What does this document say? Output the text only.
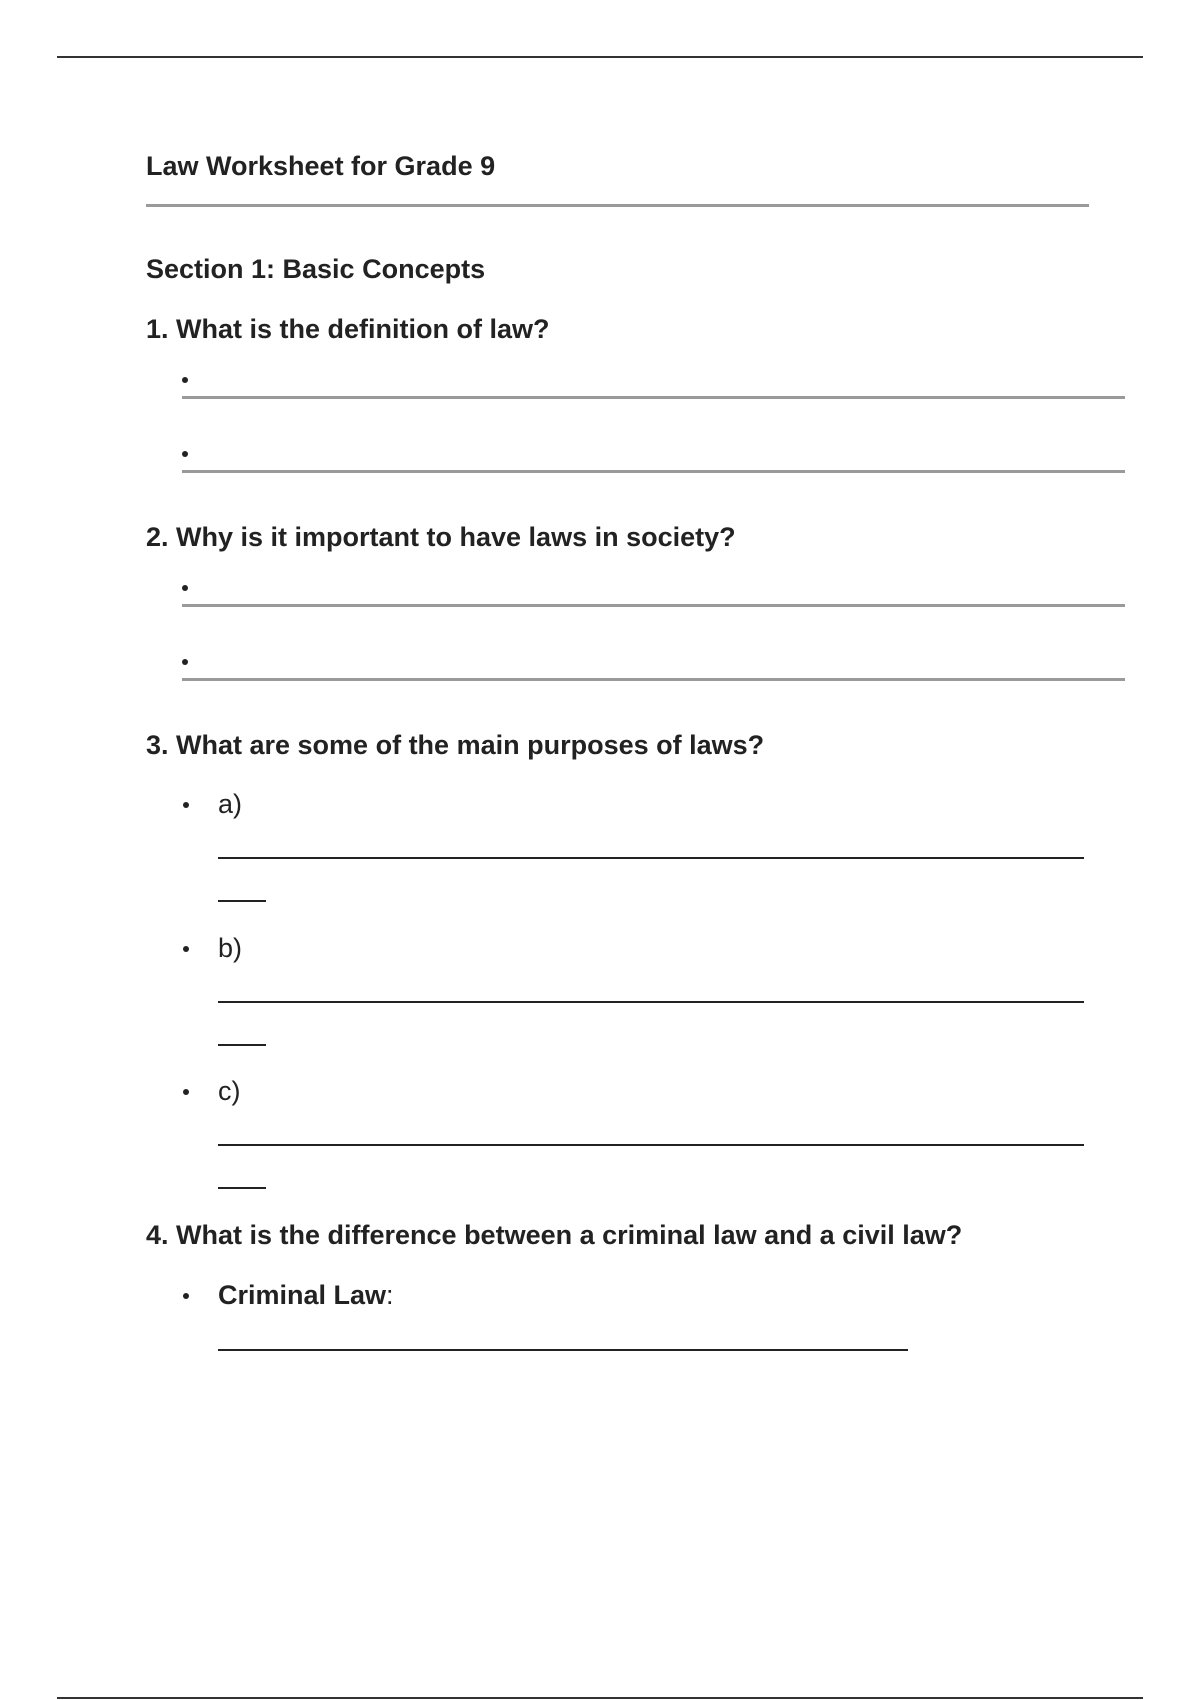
Law Worksheet for Grade 9
Section 1: Basic Concepts
1. What is the definition of law?
2. Why is it important to have laws in society?
3. What are some of the main purposes of laws?
a)
b)
c)
4. What is the difference between a criminal law and a civil law?
Criminal Law:
